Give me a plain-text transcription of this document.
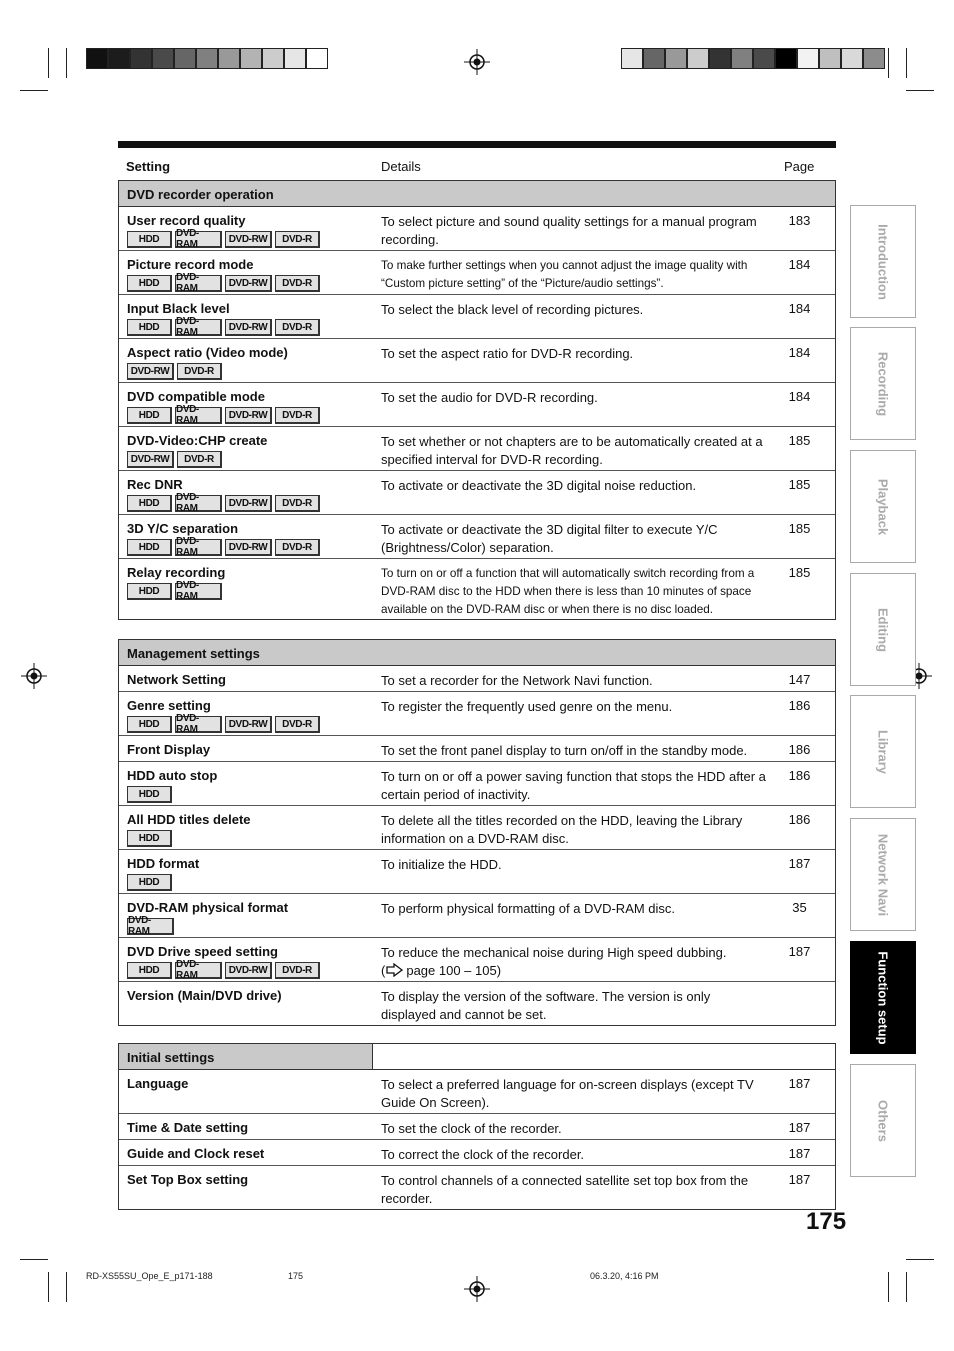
Setting	Details	Page
DVD recorder operation
User record quality
HDD	DVD-RAM	DVD-RW	DVD-R
To select picture and sound quality settings for a manual program recording.
183
Picture record mode
HDD	DVD-RAM	DVD-RW	DVD-R
To make further settings when you cannot adjust the image quality with “Custom picture setting” of the “Picture/audio settings”.
184
Input Black level
HDD	DVD-RAM	DVD-RW	DVD-R
To select the black level of recording pictures.	184
Aspect ratio (Video mode)
DVD-RW	DVD-R
To set the aspect ratio for DVD-R recording.	184
DVD compatible mode
HDD	DVD-RAM	DVD-RW	DVD-R
To set the audio for DVD-R recording.	184
DVD-Video:CHP create
DVD-RW	DVD-R
To set whether or not chapters are to be automatically created at a specified interval for DVD-R recording.
185
Rec DNR
HDD	DVD-RAM	DVD-RW	DVD-R
To activate or deactivate the 3D digital noise reduction.	185
3D Y/C separation
HDD	DVD-RAM	DVD-RW	DVD-R
To activate or deactivate the 3D digital filter to execute Y/C (Brightness/Color) separation.
185
Relay recording
HDD	DVD-RAM
To turn on or off a function that will automatically switch recording from a DVD-RAM disc to the HDD when there is less than 10 minutes of space available on the DVD-RAM disc or when there is no disc loaded.
185
Management settings
Network Setting	To set a recorder for the Network Navi function.	147
Genre setting
HDD	DVD-RAM	DVD-RW	DVD-R
To register the frequently used genre on the menu.	186
Front Display	To set the front panel display to turn on/off in the standby mode.	186
HDD auto stop
HDD
To turn on or off a power saving function that stops the HDD after a certain period of inactivity.
186
All HDD titles delete
HDD
To delete all the titles recorded on the HDD, leaving the Library information on a DVD-RAM disc.
186
HDD format
HDD
To initialize the HDD.	187
DVD-RAM physical format
DVD-RAM
To perform physical formatting of a DVD-RAM disc.	35
DVD Drive speed setting
HDD	DVD-RAM	DVD-RW	DVD-R
To reduce the mechanical noise during High speed dubbing.
( page 100 – 105)
187
Version (Main/DVD drive)	To display the version of the software. The version is only displayed and cannot be set.
Initial settings
Language	To select a preferred language for on-screen displays (except TV Guide On Screen).
187
Time & Date setting	To set the clock of the recorder.	187
Guide and Clock reset	To correct the clock of the recorder.	187
Set Top Box setting	To control channels of a connected satellite set top box from the recorder.
187
Introduction
Recording
Playback
Editing
Library
Network Navi
Function setup
Others
175
RD-XS55SU_Ope_E_p171-188	175	06.3.20, 4:16 PM
